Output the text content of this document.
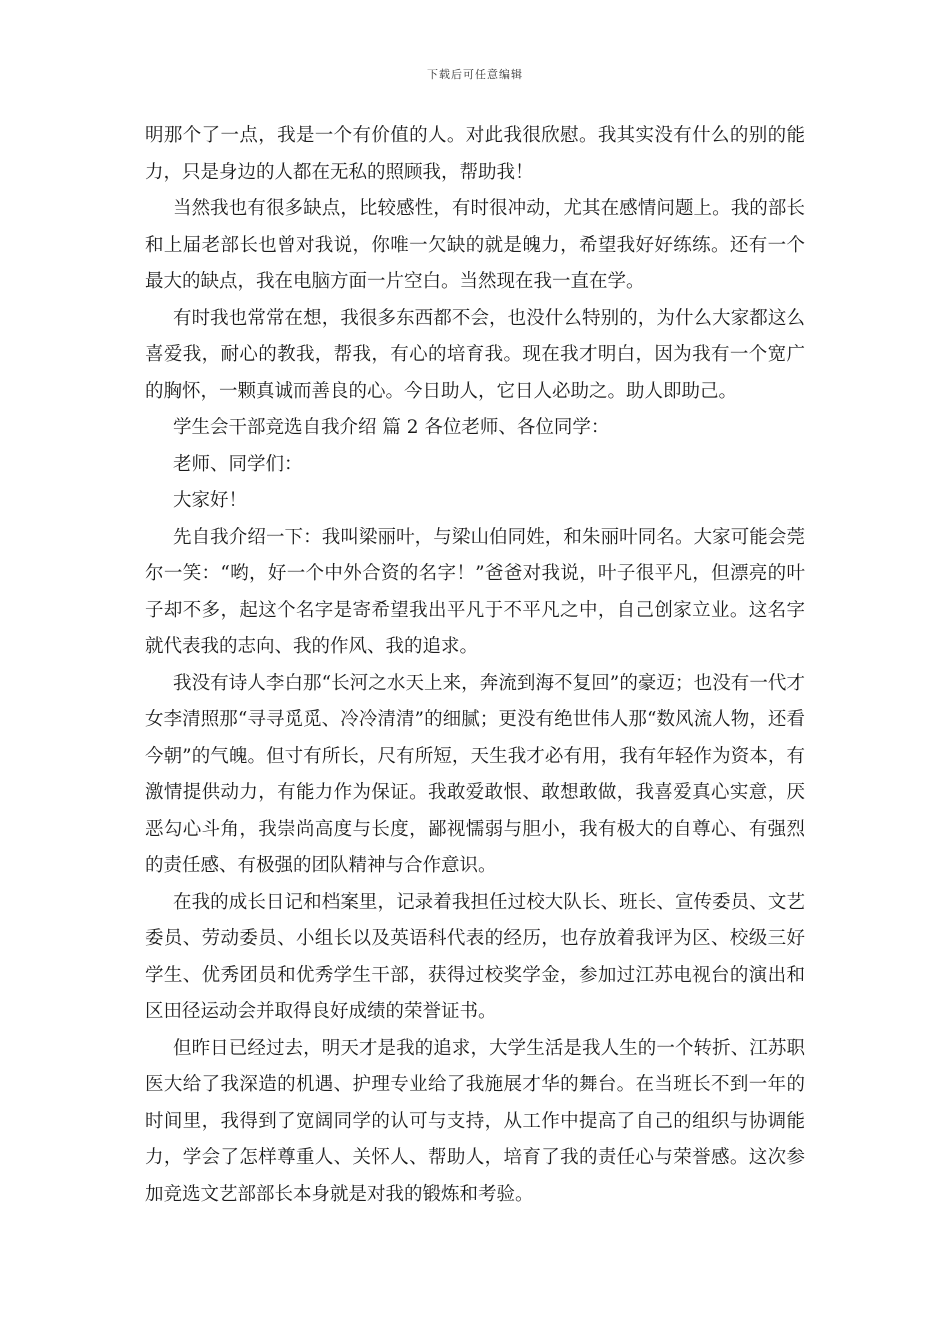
下载后可任意编辑

明那个了一点，我是一个有价值的人。对此我很欣慰。我其实没有什么的别的能力，只是身边的人都在无私的照顾我，帮助我！

当然我也有很多缺点，比较感性，有时很冲动，尤其在感情问题上。我的部长和上届老部长也曾对我说，你唯一欠缺的就是魄力，希望我好好练练。还有一个最大的缺点，我在电脑方面一片空白。当然现在我一直在学。

有时我也常常在想，我很多东西都不会，也没什么特别的，为什么大家都这么喜爱我，耐心的教我，帮我，有心的培育我。现在我才明白，因为我有一个宽广的胸怀，一颗真诚而善良的心。今日助人，它日人必助之。助人即助己。

学生会干部竞选自我介绍 篇 2 各位老师、各位同学：

老师、同学们：

大家好！

先自我介绍一下：我叫梁丽叶，与梁山伯同姓，和朱丽叶同名。大家可能会莞尔一笑：“哟，好一个中外合资的名字！”爸爸对我说，叶子很平凡，但漂亮的叶子却不多，起这个名字是寄希望我出平凡于不平凡之中，自己创家立业。这名字就代表我的志向、我的作风、我的追求。

我没有诗人李白那“长河之水天上来，奔流到海不复回”的豪迈；也没有一代才女李清照那“寻寻觅觅、冷冷清清”的细腻；更没有绝世伟人那“数风流人物，还看今朝”的气魄。但寸有所长，尺有所短，天生我才必有用，我有年轻作为资本，有激情提供动力，有能力作为保证。我敢爱敢恨、敢想敢做，我喜爱真心实意，厌恶勾心斗角，我崇尚高度与长度，鄙视懦弱与胆小，我有极大的自尊心、有强烈的责任感、有极强的团队精神与合作意识。

在我的成长日记和档案里，记录着我担任过校大队长、班长、宣传委员、文艺委员、劳动委员、小组长以及英语科代表的经历，也存放着我评为区、校级三好学生、优秀团员和优秀学生干部，获得过校奖学金，参加过江苏电视台的演出和区田径运动会并取得良好成绩的荣誉证书。

但昨日已经过去，明天才是我的追求，大学生活是我人生的一个转折、江苏职医大给了我深造的机遇、护理专业给了我施展才华的舞台。在当班长不到一年的时间里，我得到了宽阔同学的认可与支持，从工作中提高了自己的组织与协调能力，学会了怎样尊重人、关怀人、帮助人，培育了我的责任心与荣誉感。这次参加竞选文艺部部长本身就是对我的锻炼和考验。
